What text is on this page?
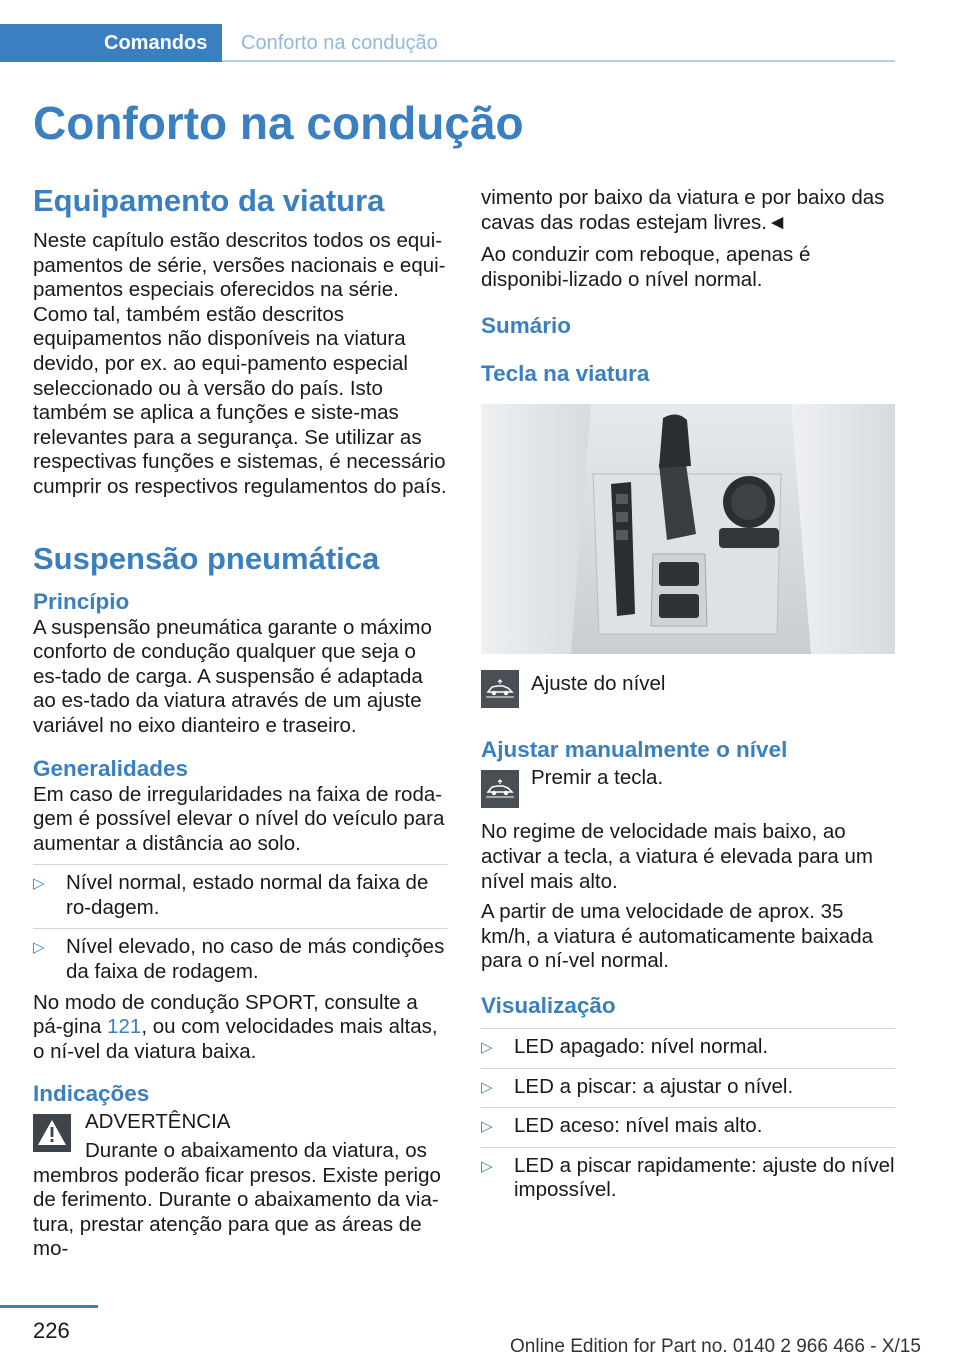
Comandos Conforto na condução
Conforto na condução
Equipamento da viatura

Neste capítulo estão descritos todos os equi-pamentos de série, versões nacionais e equi-pamentos especiais oferecidos na série. Como tal, também estão descritos equipamentos não disponíveis na viatura devido, por ex. ao equi-pamento especial seleccionado ou à versão do país. Isto também se aplica a funções e siste-mas relevantes para a segurança. Se utilizar as respectivas funções e sistemas, é necessário cumprir os respectivos regulamentos do país.

Suspensão pneumática
Princípio

A suspensão pneumática garante o máximo conforto de condução qualquer que seja o es-tado de carga. A suspensão é adaptada ao es-tado da viatura através de um ajuste variável no eixo dianteiro e traseiro.

Generalidades

Em caso de irregularidades na faixa de roda-gem é possível elevar o nível do veículo para aumentar a distância ao solo.

▷ Nível normal, estado normal da faixa de ro-dagem.
▷ Nível elevado, no caso de más condições da faixa de rodagem.

No modo de condução SPORT, consulte a pá-gina 121, ou com velocidades mais altas, o ní-vel da viatura baixa.

Indicações

ADVERTÊNCIA

Durante o abaixamento da viatura, os

membros poderão ficar presos. Existe perigo de ferimento. Durante o abaixamento da via-tura, prestar atenção para que as áreas de mo-

vimento por baixo da viatura e por baixo das cavas das rodas estejam livres.◄

Ao conduzir com reboque, apenas é disponibi-lizado o nível normal.

Sumário
Tecla na viatura

Ajuste do nível

Ajustar manualmente o nível

Premir a tecla.

No regime de velocidade mais baixo, ao activar a tecla, a viatura é elevada para um nível mais alto.

A partir de uma velocidade de aprox. 35 km/h, a viatura é automaticamente baixada para o ní-vel normal.

Visualização
▷ LED apagado: nível normal.
▷ LED a piscar: a ajustar o nível.
▷ LED aceso: nível mais alto.
▷ LED a piscar rapidamente: ajuste do nível impossível.
226
Online Edition for Part no. 0140 2 966 466 - X/15
